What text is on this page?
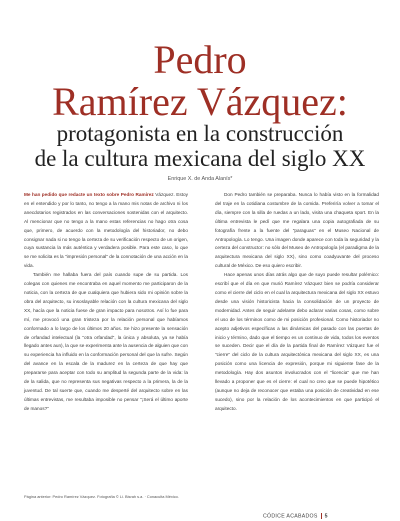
Pedro
Ramírez Vázquez:
protagonista en la construcción
de la cultura mexicana del siglo XX
Enrique X. de Anda Alanís*

Me han pedido que redacte un texto sobre Pedro Ramírez Vázquez. Estoy en el entendido y por lo tanto, no tengo a la mano mis notas de archivo ni los anecdotarios registrados en las conversaciones sostenidas con el arquitecto. Al mencionar que no tengo a la mano estas referencias no hago otra cosa que, primero, de acuerdo con la metodología del historiador, no debo consignar nada si no tengo la certeza de su verificación respecto de un origen, cuya sustancia la más auténtica y verdadera posible. Para este caso, lo que se me solicita es la "impresión personal" de la connotación de una acción en la vida.

También me hallaba fuera del país cuando supe de su partida. Los colegas con quienes me encontraba en aquel momento me participaron de la noticia, con la certeza de que cualquiera que hubiera sido mi opinión sobre la obra del arquitecto, su insoslayable relación con la cultura mexicana del siglo XX, hacía que la noticia fuese de gran impacto para nosotros. Así lo fue para mí, me provocó una gran tristeza por la relación personal que habíamos conformado a lo largo de los últimos 20 años. Se hizo presente la sensación de orfandad intelectual (la "otra orfandad", la única y absoluta, ya se había llegado antes aun), la que se experimenta ante la ausencia de alguien que con su experiencia ha influido en la conformación personal del que la sufre. Según del avance en la escala de la madurez en la certeza de que hay que prepararse para aceptar con todo su amplitud la segunda parte de la vida: la de la salida, que no representa sus negativas respecto a la primera, la de la juventud. De tal suerte que, cuando me desperté del arquitecto sobre en las últimas entrevistas, me resultaba imposible no pensar "¡Será el último aporte de manos?"

Don Pedro también se preparaba. Nunca lo había visto en la formalidad del traje en la cotidiana costumbre de la comida. Preferiría volver a tomar el día, siempre con la silla de ruedas a un lado, visita una chaqueta sport. En la última entrevista le pedí que me regalara una copia autografiada de su fotografía frente a la fuente del "paraguas" en el Museo Nacional de Antropología. Lo tengo. Una imagen donde aparece con toda la seguridad y la certeza del constructor: no sólo del Museo de Antropología (el paradigma de la arquitectura mexicana del siglo XX), sino como coadyuvante del proceso cultural de México. De eso quiero escribir.

Hace apenas unos días atrás algo que de suyo puede resultar polémico: escribí que el día en que murió Ramírez Vázquez bien se podría considerar como el cierre del ciclo en el cual la arquitectura mexicana del siglo XX estuvo desde una visión historicista hacia la consolidación de un proyecto de modernidad. Antes de seguir adelante debo aclarar varias cosas, como sobre el uso de los términos como de mi posición profesional. Como historiador no acepto adjetivos específicas a las dinámicas del pasado con las puertas de inicio y término, dado que el tiempo es un continuo de vida, todos los eventos se suceden. Decir que el día de la partida final de Ramírez Vázquez fue el "cierre" del ciclo de la cultura arquitectónica mexicana del siglo XX, es una posición como una licencia de expresión, porque mi siguiente fase de la metodología. Hay dos asuntos involucrados con el "licencia" que me han llevado a proponer que es el cierre: el cual no creo que se puede hipotético (aunque no deja de reconocer que estaba una posición de creatividad en ese sucedo), sino por la relación de los acontecimientos en que participó el arquitecto.

Página anterior: Pedro Ramírez Vázquez. Fotografía © Li. Bisrah s.a. · Conaculta México.
CÓDICE ACABADOS 5
